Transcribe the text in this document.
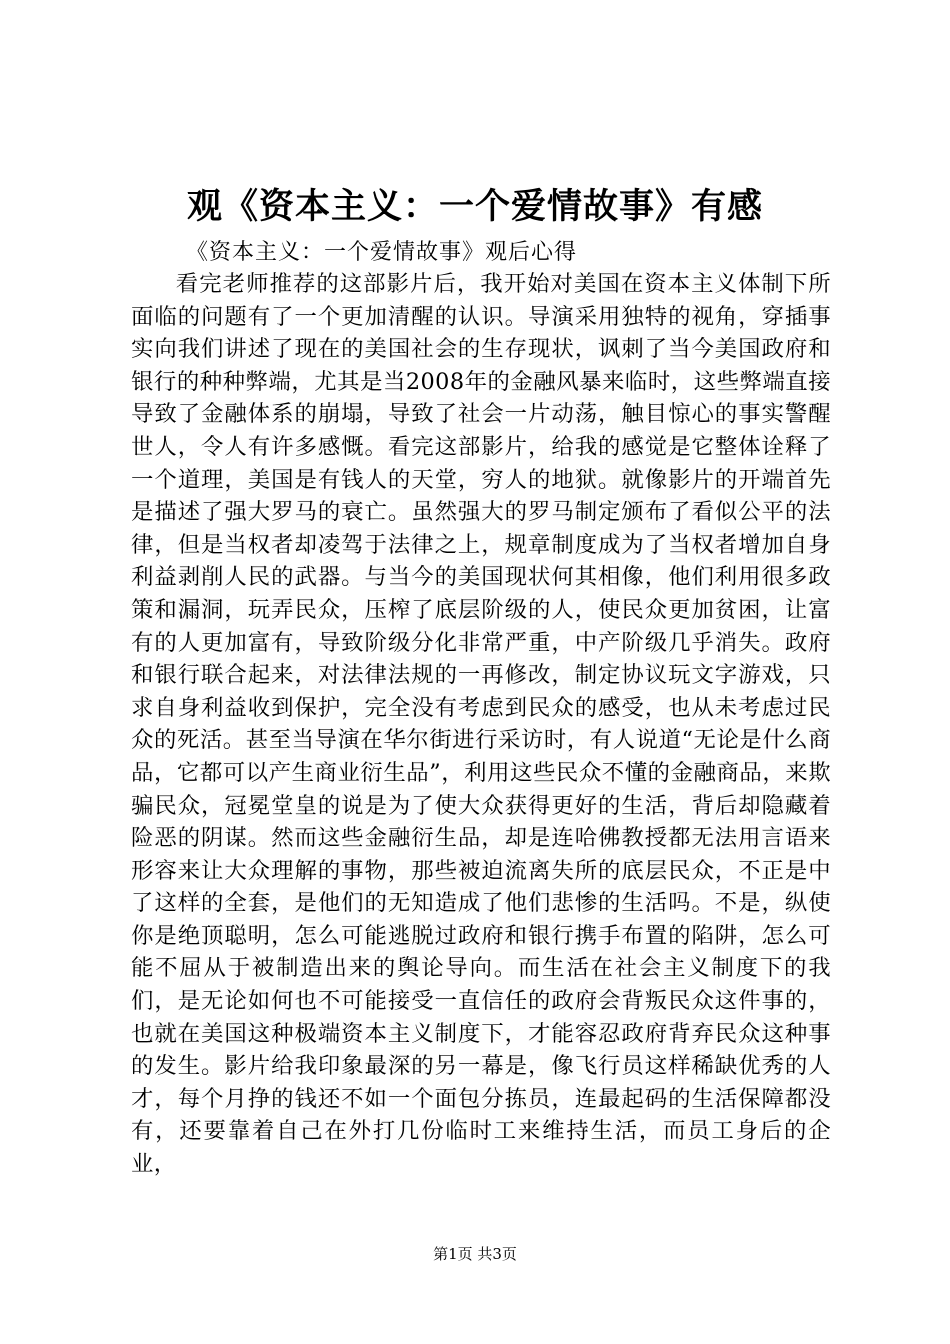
观《资本主义：一个爱情故事》有感

《资本主义：一个爱情故事》观后心得

看完老师推荐的这部影片后，我开始对美国在资本主义体制下所面临的问题有了一个更加清醒的认识。导演采用独特的视角，穿插事实向我们讲述了现在的美国社会的生存现状，讽刺了当今美国政府和银行的种种弊端，尤其是当2008年的金融风暴来临时，这些弊端直接导致了金融体系的崩塌，导致了社会一片动荡，触目惊心的事实警醒世人，令人有许多感慨。看完这部影片，给我的感觉是它整体诠释了一个道理，美国是有钱人的天堂，穷人的地狱。就像影片的开端首先是描述了强大罗马的衰亡。虽然强大的罗马制定颁布了看似公平的法律，但是当权者却凌驾于法律之上，规章制度成为了当权者增加自身利益剥削人民的武器。与当今的美国现状何其相像，他们利用很多政策和漏洞，玩弄民众，压榨了底层阶级的人，使民众更加贫困，让富有的人更加富有，导致阶级分化非常严重，中产阶级几乎消失。政府和银行联合起来，对法律法规的一再修改，制定协议玩文字游戏，只求自身利益收到保护，完全没有考虑到民众的感受，也从未考虑过民众的死活。甚至当导演在华尔街进行采访时，有人说道“无论是什么商品，它都可以产生商业衍生品”，利用这些民众不懂的金融商品，来欺骗民众，冠冕堂皇的说是为了使大众获得更好的生活，背后却隐藏着险恶的阴谋。然而这些金融衍生品，却是连哈佛教授都无法用言语来形容来让大众理解的事物，那些被迫流离失所的底层民众，不正是中了这样的全套，是他们的无知造成了他们悲惨的生活吗。不是，纵使你是绝顶聪明，怎么可能逃脱过政府和银行携手布置的陷阱，怎么可能不屈从于被制造出来的舆论导向。而生活在社会主义制度下的我们，是无论如何也不可能接受一直信任的政府会背叛民众这件事的，也就在美国这种极端资本主义制度下，才能容忍政府背弃民众这种事的发生。影片给我印象最深的另一幕是，像飞行员这样稀缺优秀的人才，每个月挣的钱还不如一个面包分拣员，连最起码的生活保障都没有，还要靠着自己在外打几份临时工来维持生活，而员工身后的企业，

第1页 共3页
